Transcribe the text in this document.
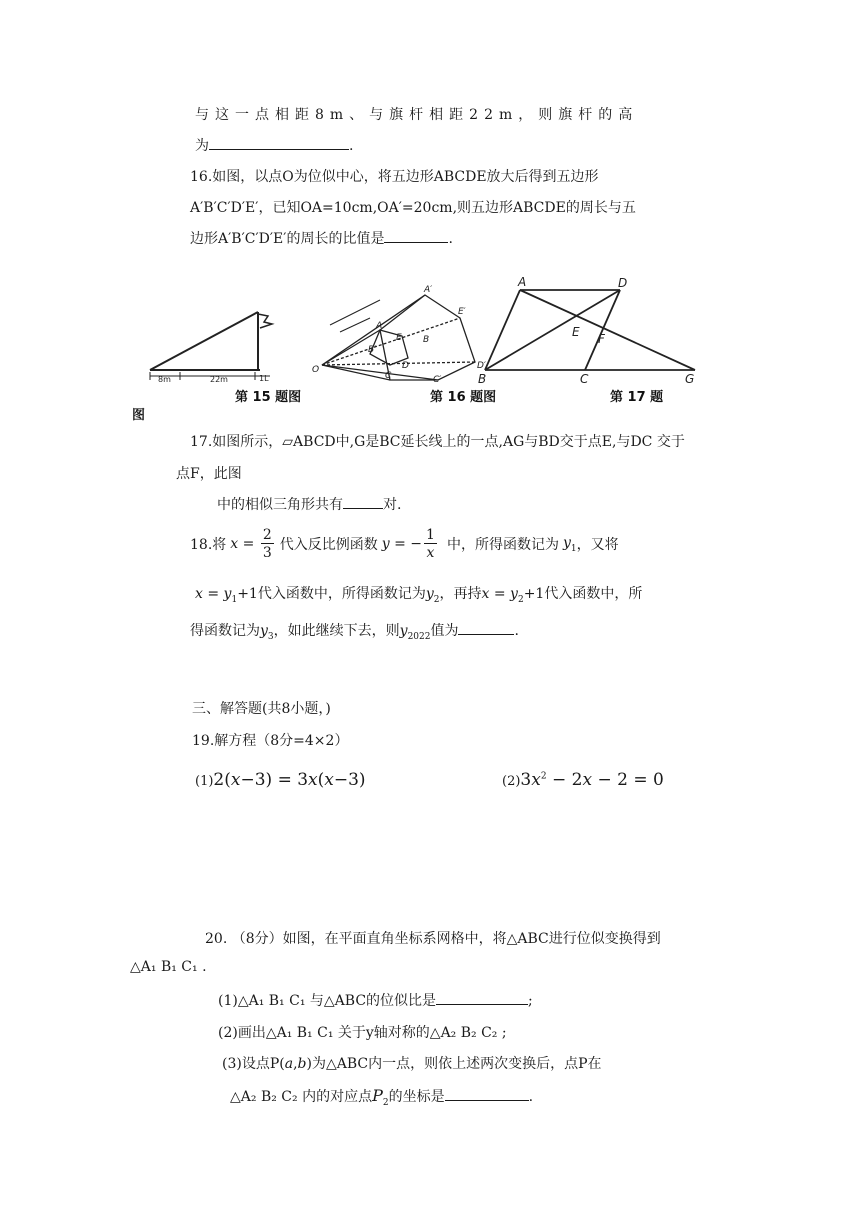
与这一点相距8m、与旗杆相距22m，则旗杆的高
为	.
16.如图，以点O为位似中心，将五边形ABCDE放大后得到五边形
A′B′C′D′E′，已知OA=10cm,OA′=20cm,则五边形ABCDE的周长与五
边形A′B′C′D′E′的周长的比值是	.
8m	22m	1L
第 15 题图
O
A
B
C
D
E
A′
B′
C′
D′
E′
第 16 题图
A	D
E F
B	C	G
第 17 题
图
17.如图所示，▱ABCD中,G是BC延长线上的一点,AG与BD交于点E,与DC 交于
点F，此图
中的相似三角形共有	对.
18.将 $x = \frac{2}{3}$ 代入反比例函数 y = − $\frac{1}{x}$ 中，所得函数记为 $y_1$ ，又将
$x = y_1+1$代入函数中，所得函数记为$y_2$，再持$x = y_2+1$代入函数中，所
得函数记为$y_3$，如此继续下去，则$y_{2022}$值为	.
三、解答题(共8小题，)
19.解方程（8分=4×2）
(1)2(x−3) = 3x(x−3)	$(2)3x^2 - 2x - 2 = 0$
20. （8分）如图，在平面直角坐标系网格中，将△ABC进行位似变换得到
△A₁ B₁ C₁ .
(1)△A₁ B₁ C₁ 与△ABC的位似比是	;
(2)画出△A₁ B₁ C₁ 关于y轴对称的△A₂ B₂ C₂ ;
(3)设点P(a,b)为△ABC内一点，则依上述两次变换后，点P在
△A₂ B₂ C₂ 内的对应点$P_2$的坐标是	.
